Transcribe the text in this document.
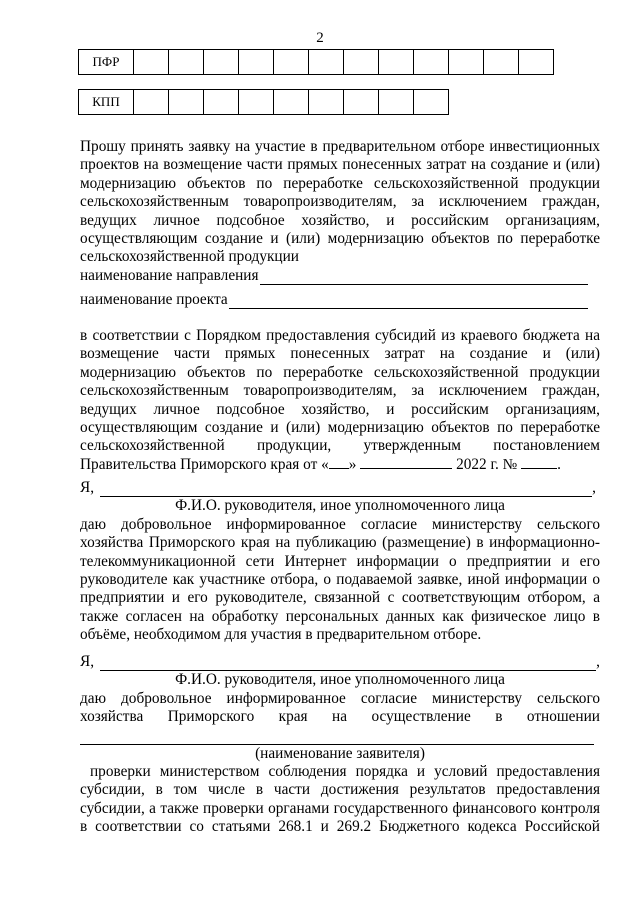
2
ПФР												
КПП									
Прошу принять заявку на участие в предварительном отборе инвестиционных
проектов на возмещение части прямых понесенных затрат на создание и (или)
модернизацию объектов по переработке сельскохозяйственной продукции
сельскохозяйственным товаропроизводителям, за исключением граждан,
ведущих личное подсобное хозяйство, и российским организациям,
осуществляющим создание и (или) модернизацию объектов по переработке
сельскохозяйственной продукции
наименование направления
наименование проекта
в соответствии с Порядком предоставления субсидий из краевого бюджета на
возмещение части прямых понесенных затрат на создание и (или)
модернизацию объектов по переработке сельскохозяйственной продукции
сельскохозяйственным товаропроизводителям, за исключением граждан,
ведущих личное подсобное хозяйство, и российским организациям,
осуществляющим создание и (или) модернизацию объектов по переработке
сельскохозяйственной продукции, утвержденным постановлением
Правительства Приморского края от « »	2022 г. №	.
Я,	,
Ф.И.О. руководителя, иное уполномоченного лица
даю добровольное информированное согласие министерству сельского
хозяйства Приморского края на публикацию (размещение) в информационно-
телекоммуникационной сети Интернет информации о предприятии и его
руководителе как участнике отбора, о подаваемой заявке, иной информации о
предприятии и его руководителе, связанной с соответствующим отбором, а
также согласен на обработку персональных данных как физическое лицо в
объёме, необходимом для участия в предварительном отборе.
Я,	,
Ф.И.О. руководителя, иное уполномоченного лица
даю добровольное информированное согласие министерству сельского
хозяйства Приморского края на осуществление в отношении
(наименование заявителя)
проверки министерством соблюдения порядка и условий предоставления
субсидии, в том числе в части достижения результатов предоставления
субсидии, а также проверки органами государственного финансового контроля
в соответствии со статьями 268.1 и 269.2 Бюджетного кодекса Российской
